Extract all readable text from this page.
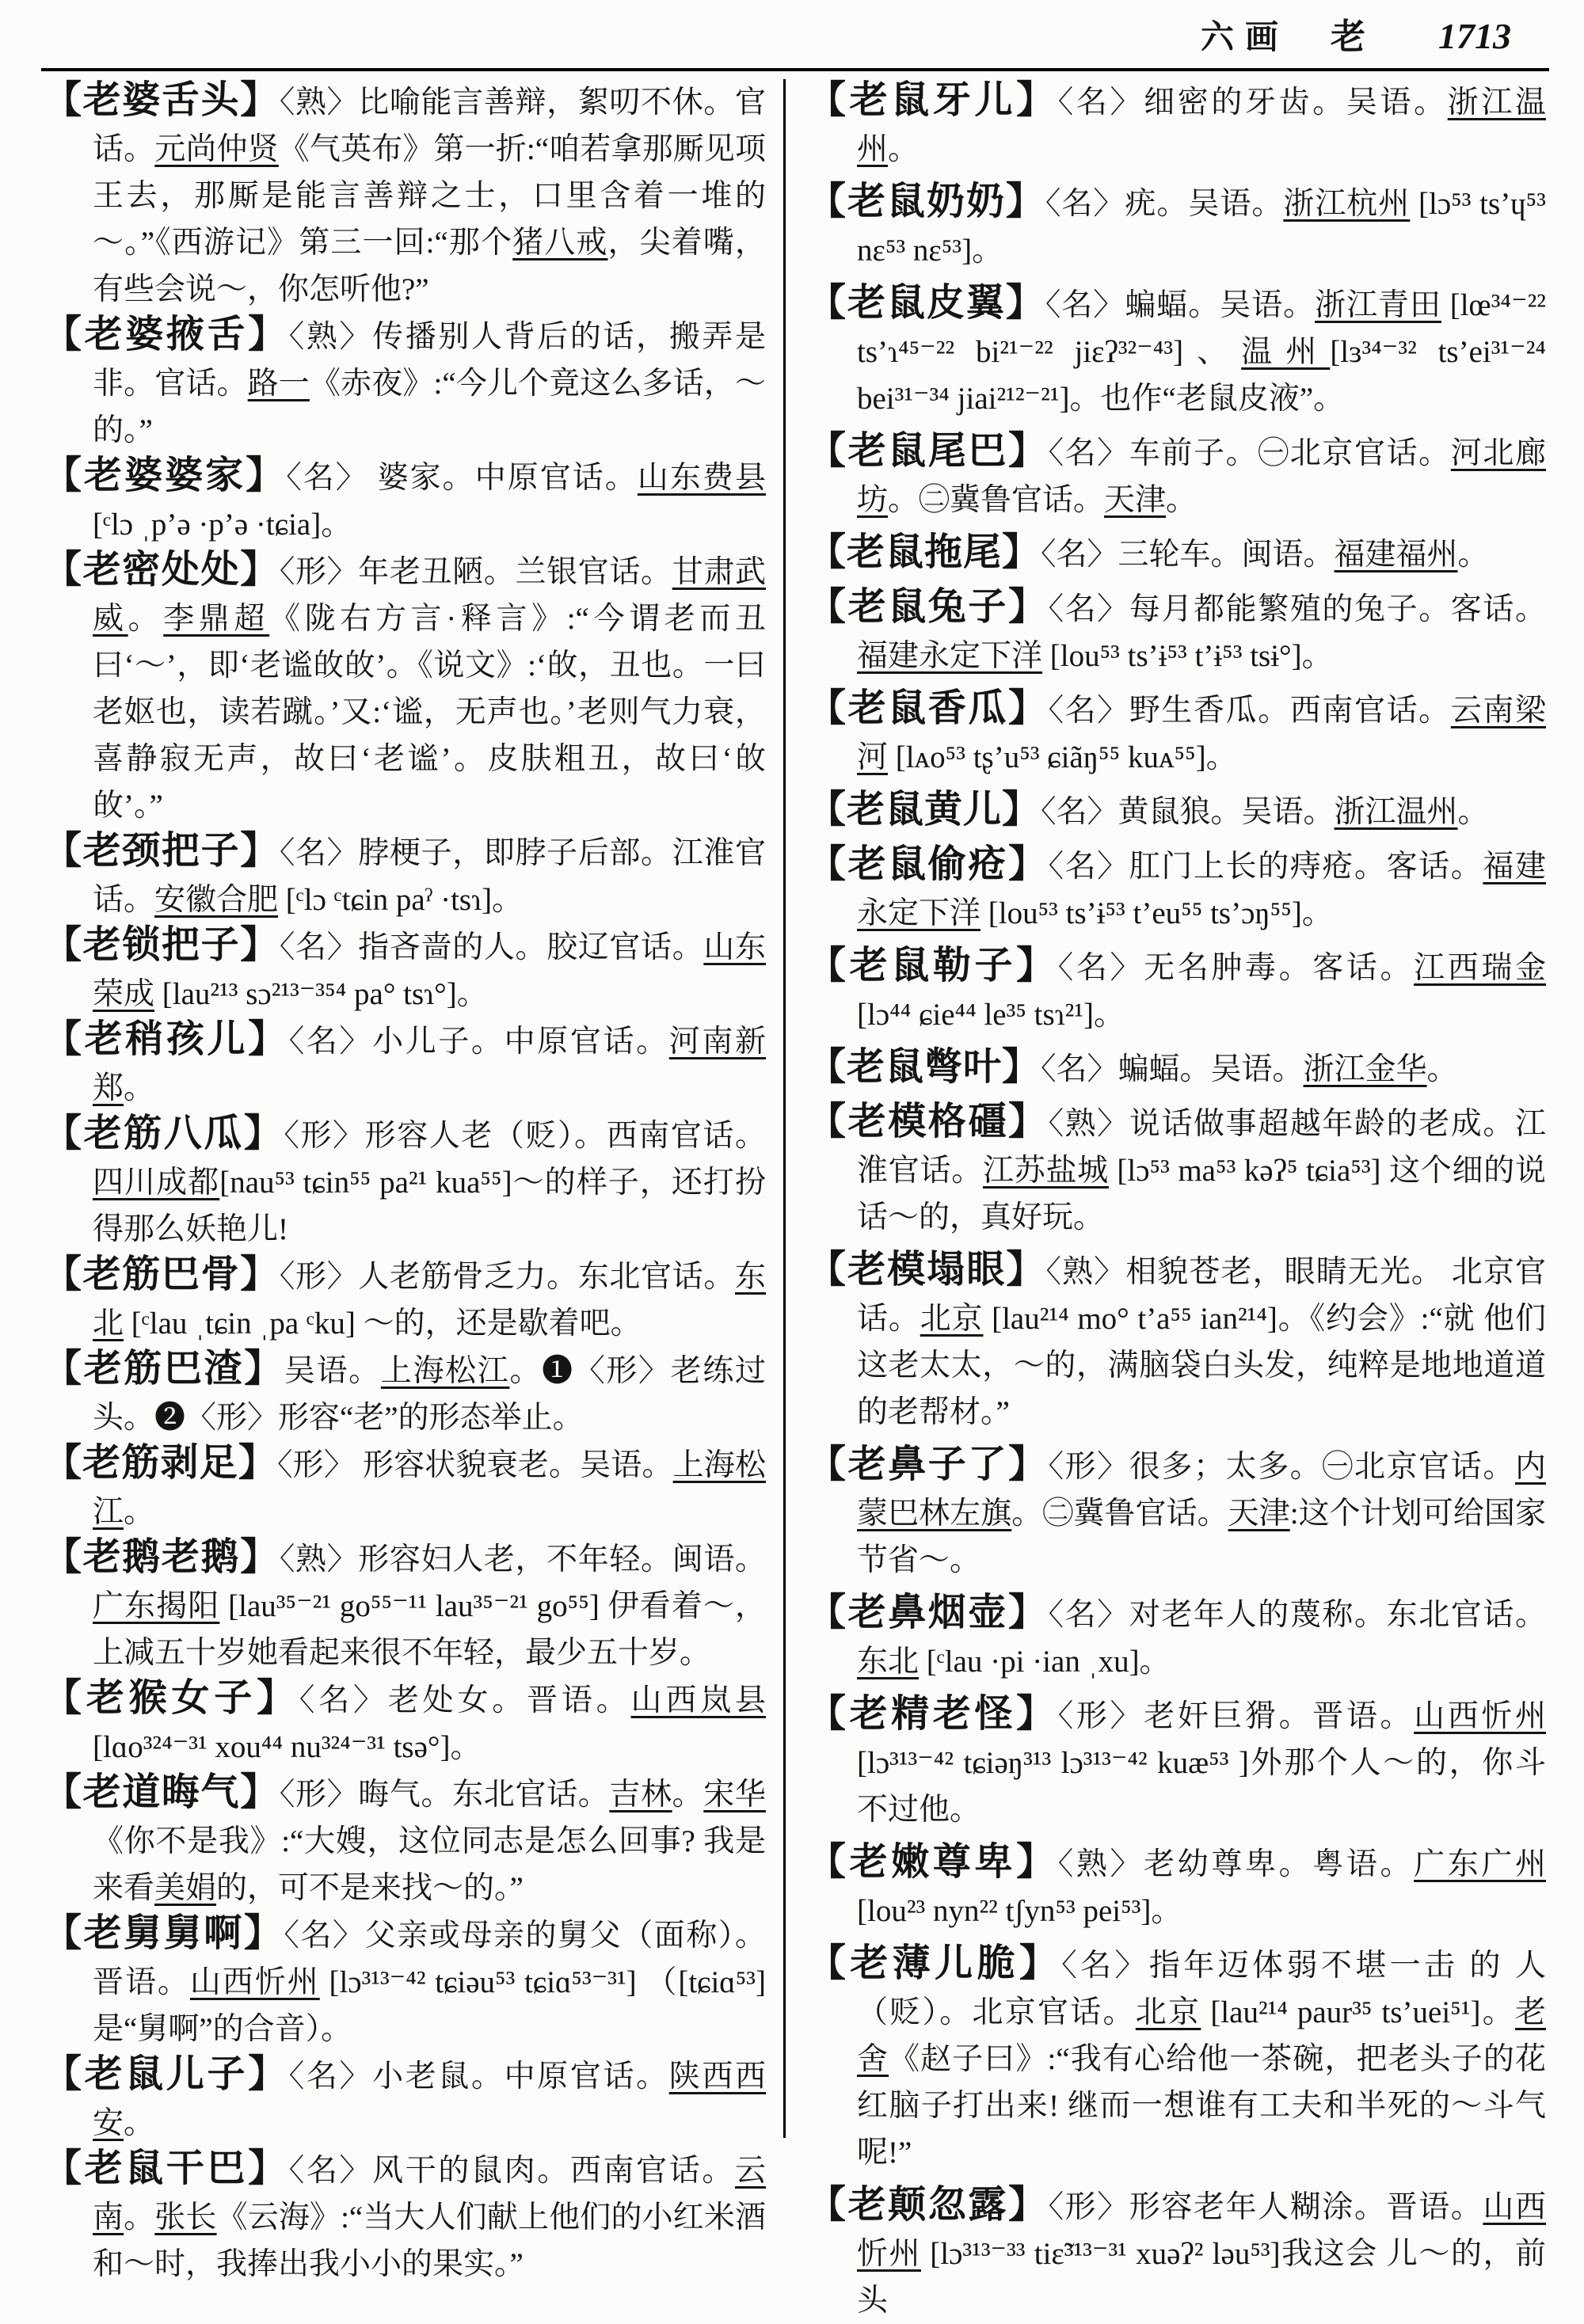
六画 老 1713
【老婆舌头】〈熟〉比喻能言善辩，絮叨不休。官话。元尚仲贤《气英布》第一折:“咱若拿那厮见项王去，那厮是能言善辩之士，口里含着一堆的～。”《西游记》第三一回:“那个猪八戒，尖着嘴，有些会说～，你怎听他?”
【老婆掖舌】〈熟〉传播别人背后的话，搬弄是非。官话。路一《赤夜》:“今儿个竟这么多话，～的。”
【老婆婆家】〈名〉 婆家。中原官话。山东费县 [ᶜlɔ ˌp’ə ·p’ə ·tɕia]。
【老密处处】〈形〉年老丑陋。兰银官话。甘肃武威。李鼎超《陇右方言·释言》:“今谓老而丑曰‘～’，即‘老谧敀敀’。《说文》:‘敀，丑也。一曰老妪也，读若蹴。’又:‘谧，无声也。’老则气力衰，喜静寂无声，故曰‘老谧’。皮肤粗丑，故曰‘敀敀’。”
【老颈把子】〈名〉脖梗子，即脖子后部。江淮官话。安徽合肥 [ᶜlɔ ᶜtɕin paˀ ·tsɿ]。
【老锁把子】〈名〉指吝啬的人。胶辽官话。山东荣成 [lau²¹³ sɔ²¹³⁻³⁵⁴ pa° tsɿ°]。
【老稍孩儿】〈名〉小儿子。中原官话。河南新郑。
【老筋八瓜】〈形〉形容人老（贬）。西南官话。四川成都[nau⁵³ tɕin⁵⁵ pa²¹ kua⁵⁵]～的样子，还打扮得那么妖艳儿!
【老筋巴骨】〈形〉人老筋骨乏力。东北官话。东北 [ᶜlau ˌtɕin ˌpa ᶜku] ～的，还是歇着吧。
【老筋巴渣】吴语。上海松江。❶〈形〉老练过头。❷〈形〉形容“老”的形态举止。
【老筋剥足】〈形〉 形容状貌衰老。吴语。上海松江。
【老鹅老鹅】〈熟〉形容妇人老，不年轻。闽语。广东揭阳 [lau³⁵⁻²¹ go⁵⁵⁻¹¹ lau³⁵⁻²¹ go⁵⁵] 伊看着～，上减五十岁她看起来很不年轻，最少五十岁。
【老猴女子】〈名〉老处女。晋语。山西岚县[lɑo³²⁴⁻³¹ xou⁴⁴ nu³²⁴⁻³¹ tsə°]。
【老道晦气】〈形〉晦气。东北官话。吉林。宋华《你不是我》:“大嫂，这位同志是怎么回事? 我是来看美娟的，可不是来找～的。”
【老舅舅啊】〈名〉父亲或母亲的舅父（面称）。晋语。山西忻州 [lɔ³¹³⁻⁴² tɕiəu⁵³ tɕiɑ⁵³⁻³¹] （[tɕiɑ⁵³] 是“舅啊”的合音）。
【老鼠儿子】〈名〉小老鼠。中原官话。陕西西安。
【老鼠干巴】〈名〉风干的鼠肉。西南官话。云南。张长《云海》:“当大人们献上他们的小红米酒和～时，我捧出我小小的果实。”
【老鼠牙儿】〈名〉细密的牙齿。吴语。浙江温州。
【老鼠奶奶】〈名〉疣。吴语。浙江杭州 [lɔ⁵³ ts’ɥ⁵³ nɛ⁵³ nɛ⁵³]。
【老鼠皮翼】〈名〉蝙蝠。吴语。浙江青田 [lœ³⁴⁻²² ts’ɿ⁴⁵⁻²² bi²¹⁻²² jiɛʔ³²⁻⁴³]、温州[lɜ³⁴⁻³² ts’ei³¹⁻²⁴ bei³¹⁻³⁴ jiai²¹²⁻²¹]。也作“老鼠皮液”。
【老鼠尾巴】〈名〉车前子。㊀北京官话。河北廊坊。㊁冀鲁官话。天津。
【老鼠拖尾】〈名〉三轮车。闽语。福建福州。
【老鼠兔子】〈名〉每月都能繁殖的兔子。客话。福建永定下洋 [lou⁵³ ts’ɨ⁵³ t’ɨ⁵³ tsɨ°]。
【老鼠香瓜】〈名〉野生香瓜。西南官话。云南梁河 [lᴀo⁵³ tʂ’u⁵³ ɕiãŋ⁵⁵ kuᴀ⁵⁵]。
【老鼠黄儿】〈名〉黄鼠狼。吴语。浙江温州。
【老鼠偷疮】〈名〉肛门上长的痔疮。客话。福建永定下洋 [lou⁵³ ts’ɨ⁵³ t’eu⁵⁵ ts’ɔŋ⁵⁵]。
【老鼠勒子】〈名〉无名肿毒。客话。江西瑞金 [lɔ⁴⁴ ɕie⁴⁴ le³⁵ tsɿ²¹]。
【老鼠彆叶】〈名〉蝙蝠。吴语。浙江金华。
【老模格礓】〈熟〉说话做事超越年龄的老成。江淮官话。江苏盐城 [lɔ⁵³ ma⁵³ kəʔ⁵ tɕia⁵³] 这个细的说话～的，真好玩。
【老模塌眼】〈熟〉相貌苍老，眼睛无光。 北京官话。北京 [lau²¹⁴ mo° t’a⁵⁵ ian²¹⁴]。《约会》:“就 他们这老太太，～的，满脑袋白头发，纯粹是地地道道的老帮材。”
【老鼻子了】〈形〉很多；太多。㊀北京官话。内蒙巴林左旗。㊁冀鲁官话。天津:这个计划可给国家节省～。
【老鼻烟壶】〈名〉对老年人的蔑称。东北官话。东北 [ᶜlau ·pi ·ian ˌxu]。
【老精老怪】〈形〉老奸巨猾。晋语。山西忻州[lɔ³¹³⁻⁴² tɕiəŋ³¹³ lɔ³¹³⁻⁴² kuæ⁵³ ]外那个人～的，你斗不过他。
【老嫩尊卑】〈熟〉老幼尊卑。粤语。广东广州 [lou²³ nyn²² tʃyn⁵³ pei⁵³]。
【老薄儿脆】〈名〉指年迈体弱不堪一击 的 人 （贬）。北京官话。北京 [lau²¹⁴ paur³⁵ ts’uei⁵¹]。老舍《赵子曰》:“我有心给他一茶碗，把老头子的花红脑子打出来! 继而一想谁有工夫和半死的～斗气呢!”
【老颠忽露】〈形〉形容老年人糊涂。晋语。山西忻州 [lɔ³¹³⁻³³ tiɛ̃³¹³⁻³¹ xuəʔ² ləu⁵³]我这会 儿～的，前头
